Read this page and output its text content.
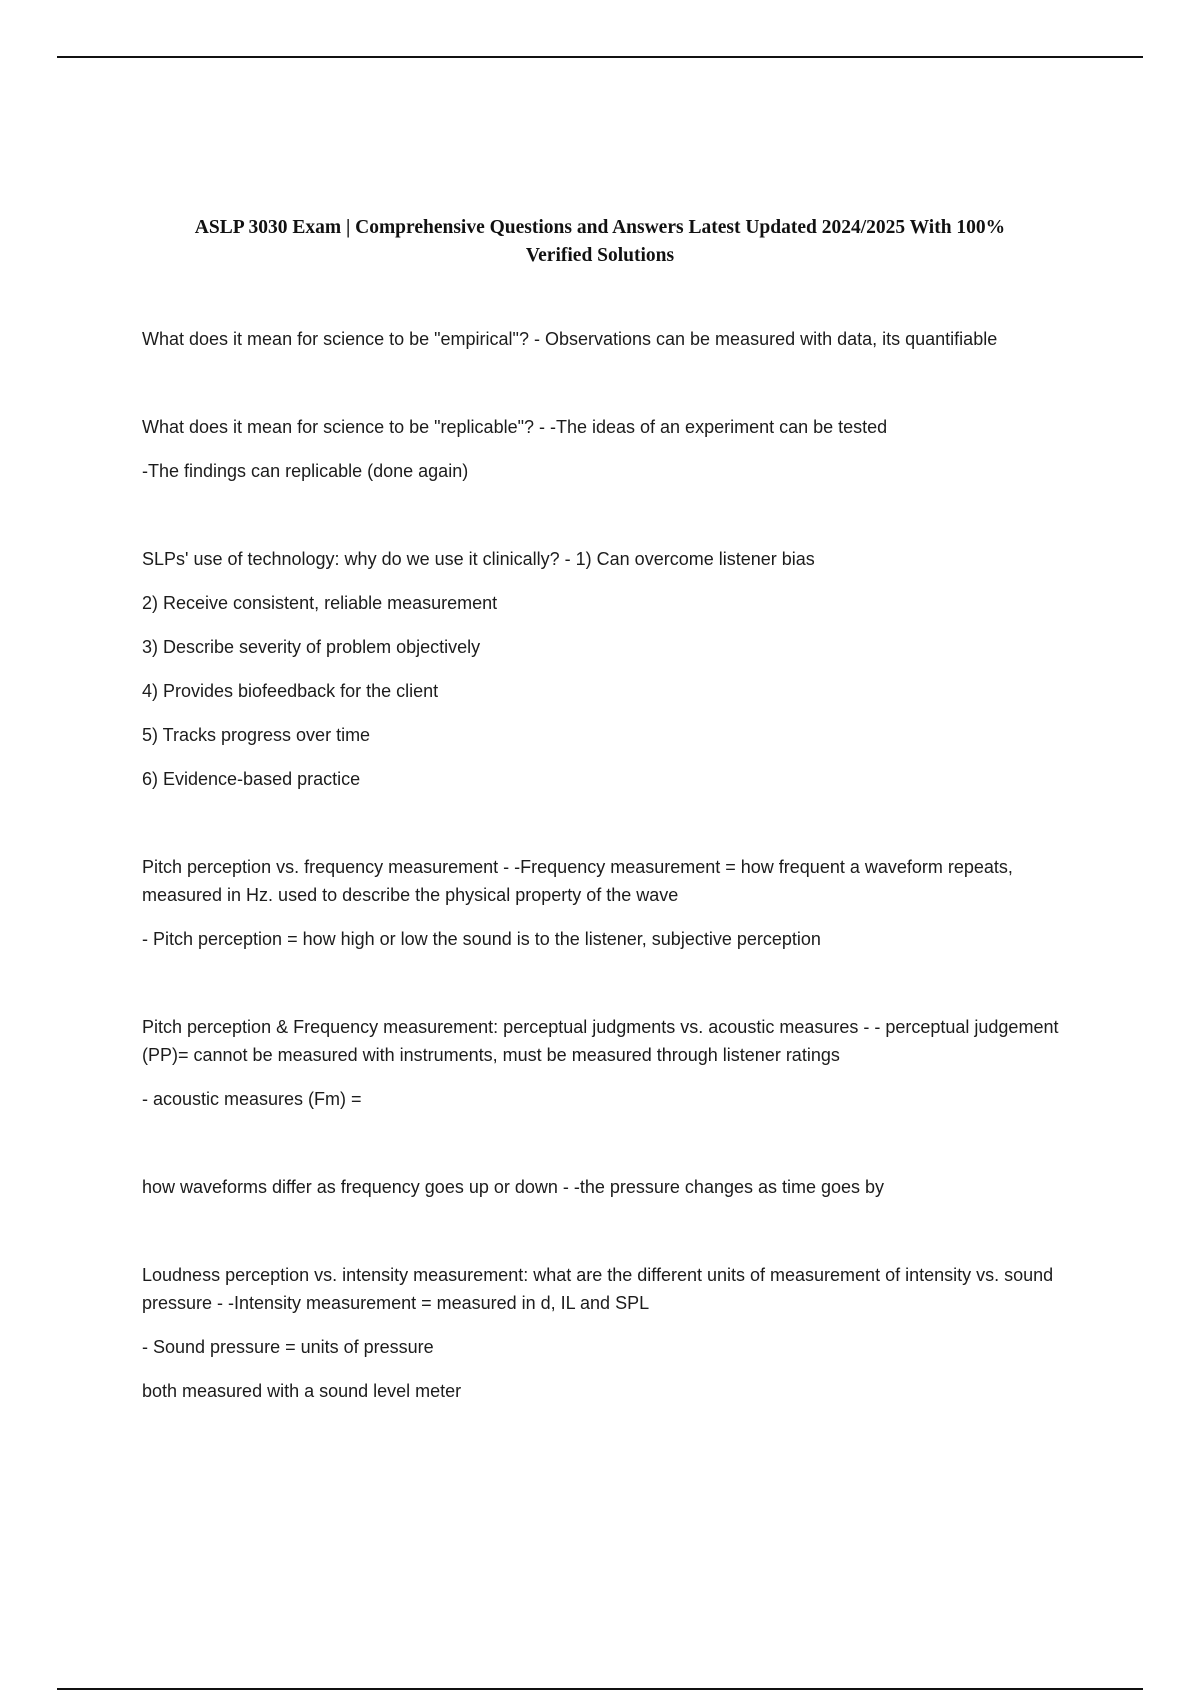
ASLP 3030 Exam | Comprehensive Questions and Answers Latest Updated 2024/2025 With 100%
Verified Solutions

What does it mean for science to be "empirical"? - Observations can be measured with data, its quantifiable

What does it mean for science to be "replicable"? - -The ideas of an experiment can be tested

-The findings can replicable (done again)

SLPs' use of technology: why do we use it clinically? - 1) Can overcome listener bias

2) Receive consistent, reliable measurement

3) Describe severity of problem objectively

4) Provides biofeedback for the client

5) Tracks progress over time

6) Evidence-based practice

Pitch perception vs. frequency measurement - -Frequency measurement = how frequent a waveform repeats, measured in Hz. used to describe the physical property of the wave

- Pitch perception = how high or low the sound is to the listener, subjective perception

Pitch perception & Frequency measurement: perceptual judgments vs. acoustic measures - - perceptual judgement (PP)= cannot be measured with instruments, must be measured through listener ratings

- acoustic measures (Fm) =

how waveforms differ as frequency goes up or down - -the pressure changes as time goes by

Loudness perception vs. intensity measurement: what are the different units of measurement of intensity vs. sound pressure - -Intensity measurement = measured in d, IL and SPL

- Sound pressure = units of pressure

both measured with a sound level meter
